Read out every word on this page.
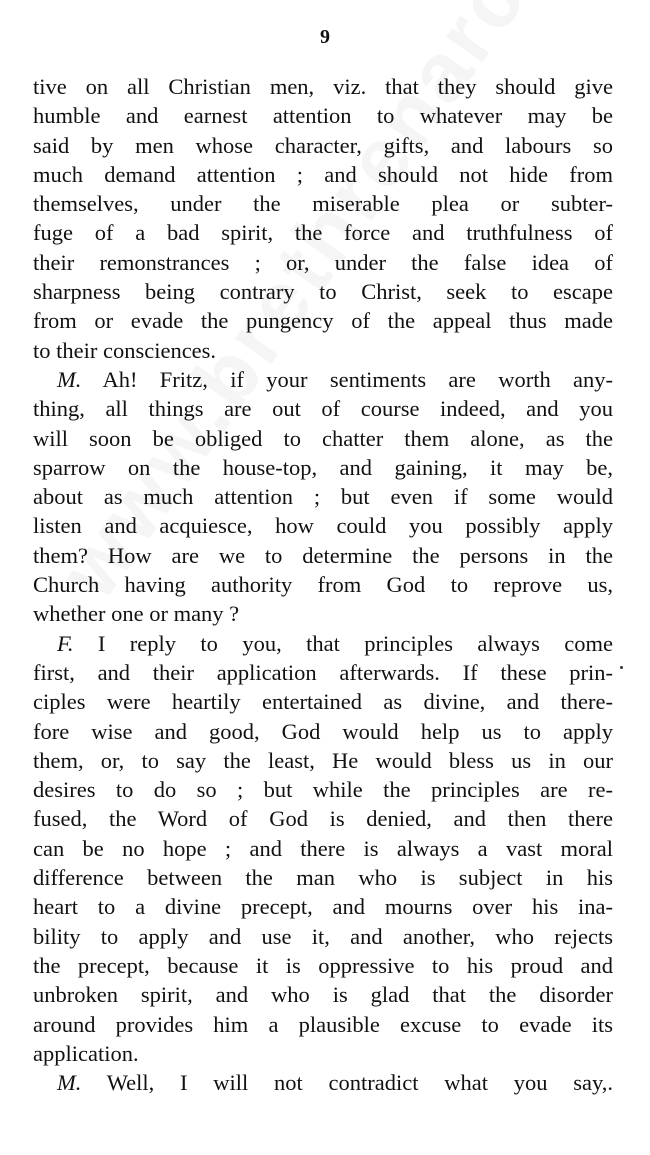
9
tive on all Christian men, viz. that they should give
humble and earnest attention to whatever may be
said by men whose character, gifts, and labours so
much demand attention ; and should not hide from
themselves, under the miserable plea or subter-
fuge of a bad spirit, the force and truthfulness of
their remonstrances ; or, under the false idea of
sharpness being contrary to Christ, seek to escape
from or evade the pungency of the appeal thus made
to their consciences.
M. Ah! Fritz, if your sentiments are worth any-
thing, all things are out of course indeed, and you
will soon be obliged to chatter them alone, as the
sparrow on the house-top, and gaining, it may be,
about as much attention ; but even if some would
listen and acquiesce, how could you possibly apply
them? How are we to determine the persons in the
Church having authority from God to reprove us,
whether one or many ?
F. I reply to you, that principles always come
first, and their application afterwards. If these prin-
ciples were heartily entertained as divine, and there-
fore wise and good, God would help us to apply
them, or, to say the least, He would bless us in our
desires to do so ; but while the principles are re-
fused, the Word of God is denied, and then there
can be no hope ; and there is always a vast moral
difference between the man who is subject in his
heart to a divine precept, and mourns over his ina-
bility to apply and use it, and another, who rejects
the precept, because it is oppressive to his proud and
unbroken spirit, and who is glad that the disorder
around provides him a plausible excuse to evade its
application.
M. Well, I will not contradict what you say,.
